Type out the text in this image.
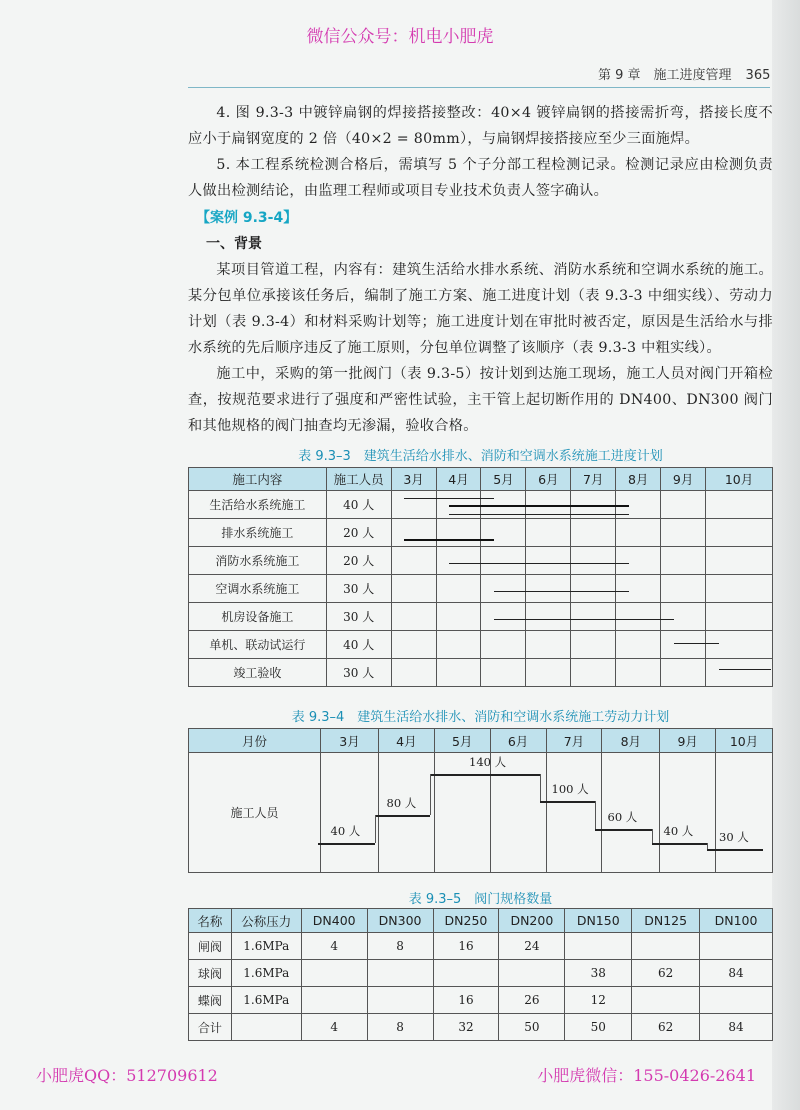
微信公众号：机电小肥虎
第 9 章　施工进度管理 365

4. 图 9.3-3 中镀锌扁钢的焊接搭接整改：40×4 镀锌扁钢的搭接需折弯，搭接长度不应小于扁钢宽度的 2 倍（40×2 = 80mm），与扁钢焊接搭接应至少三面施焊。

5. 本工程系统检测合格后，需填写 5 个子分部工程检测记录。检测记录应由检测负责人做出检测结论，由监理工程师或项目专业技术负责人签字确认。

【案例 9.3-4】
一、背景

某项目管道工程，内容有：建筑生活给水排水系统、消防水系统和空调水系统的施工。某分包单位承接该任务后，编制了施工方案、施工进度计划（表 9.3-3 中细实线）、劳动力计划（表 9.3-4）和材料采购计划等；施工进度计划在审批时被否定，原因是生活给水与排水系统的先后顺序违反了施工原则，分包单位调整了该顺序（表 9.3-3 中粗实线）。

施工中，采购的第一批阀门（表 9.3-5）按计划到达施工现场，施工人员对阀门开箱检查，按规范要求进行了强度和严密性试验，主干管上起切断作用的 DN400、DN300 阀门和其他规格的阀门抽查均无渗漏，验收合格。

表 9.3–3　建筑生活给水排水、消防和空调水系统施工进度计划
施工内容	施工人员	3月	4月	5月	6月	7月	8月	9月	10月
生活给水系统施工	40 人								
排水系统施工	20 人								
消防水系统施工	20 人								
空调水系统施工	30 人								
机房设备施工	30 人								
单机、联动试运行	40 人								
竣工验收	30 人								
表 9.3–4　建筑生活给水排水、消防和空调水系统施工劳动力计划
月份	3月	4月	5月	6月	7月	8月	9月	10月
施工人员								
40 人
80 人
140 人
100 人
60 人
40 人 30 人
表 9.3–5　阀门规格数量
名称	公称压力	DN400	DN300	DN250	DN200	DN150	DN125	DN100
闸阀	1.6MPa	4	8	16	24			
球阀	1.6MPa					38	62	84
蝶阀	1.6MPa			16	26	12		
合计		4	8	32	50	50	62	84
小肥虎QQ：512709612	小肥虎微信：155-0426-2641
